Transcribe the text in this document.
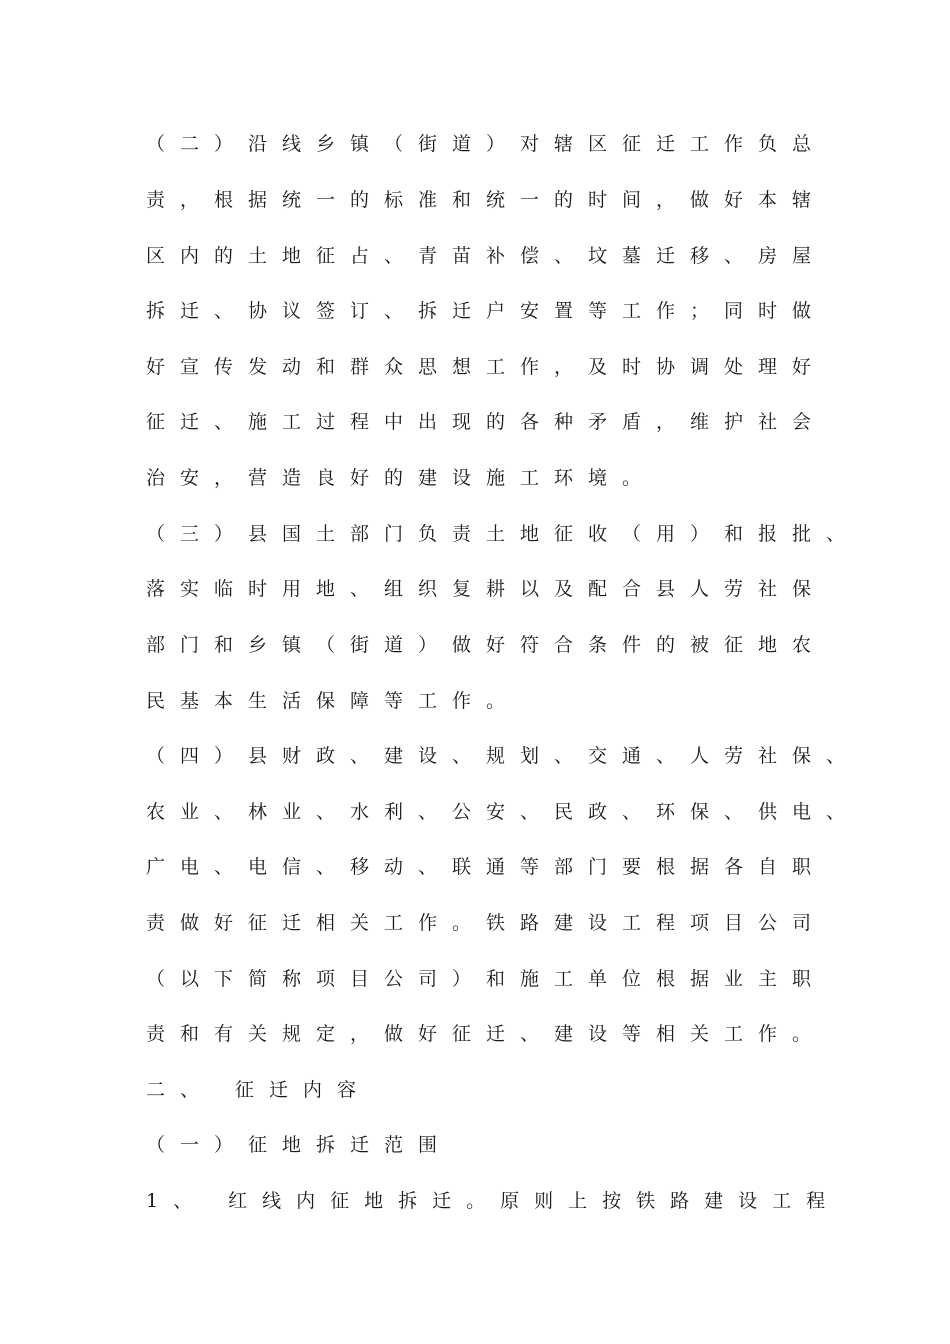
（二）沿线乡镇（街道）对辖区征迁工作负总
责，根据统一的标准和统一的时间，做好本辖
区内的土地征占、青苗补偿、坟墓迁移、房屋
拆迁、协议签订、拆迁户安置等工作；同时做
好宣传发动和群众思想工作，及时协调处理好
征迁、施工过程中出现的各种矛盾，维护社会
治安，营造良好的建设施工环境。
（三）县国土部门负责土地征收（用）和报批、
落实临时用地、组织复耕以及配合县人劳社保
部门和乡镇（街道）做好符合条件的被征地农
民基本生活保障等工作。
（四）县财政、建设、规划、交通、人劳社保、
农业、林业、水利、公安、民政、环保、供电、
广电、电信、移动、联通等部门要根据各自职
责做好征迁相关工作。铁路建设工程项目公司
（以下简称项目公司）和施工单位根据业主职
责和有关规定，做好征迁、建设等相关工作。
二、 征迁内容
（一）征地拆迁范围
1、 红线内征地拆迁。原则上按铁路建设工程
